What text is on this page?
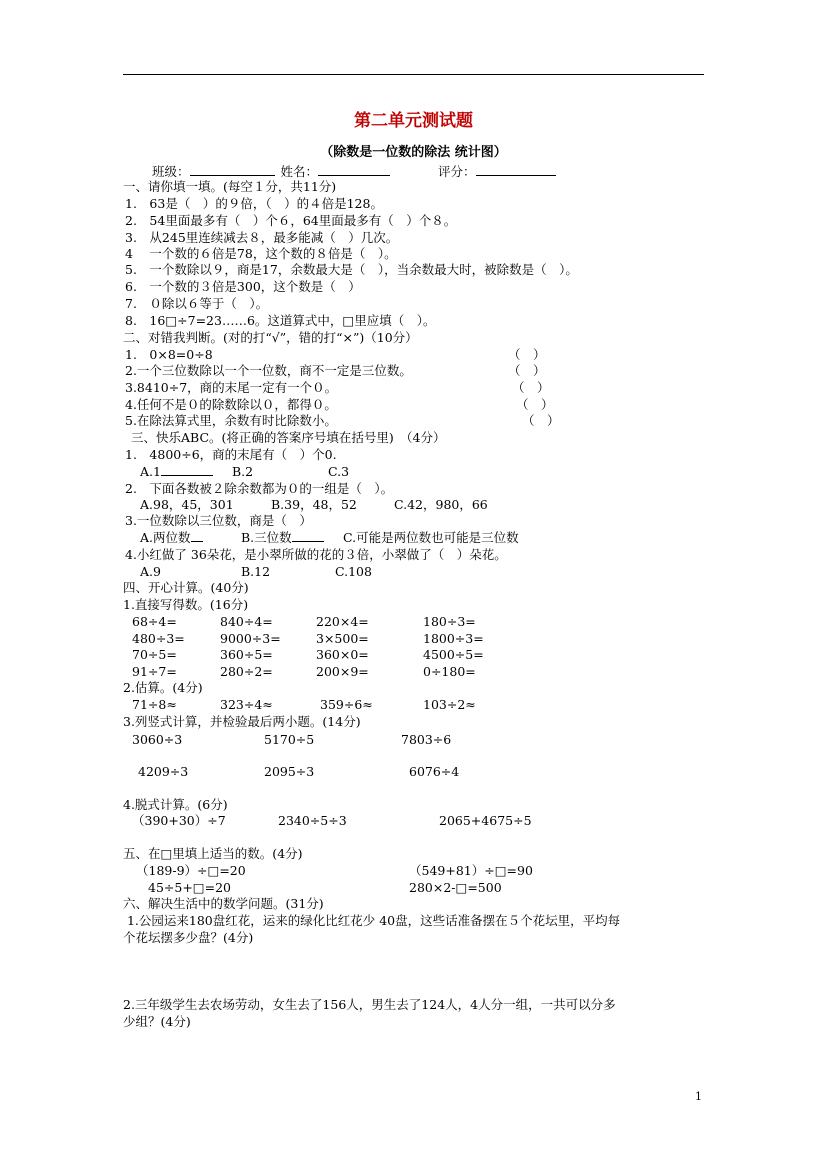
第二单元测试题
（除数是一位数的除法 统计图）
班级：	姓名：	评分：
一、请你填一填。(每空１分，共11分)
1.　63是（　）的９倍，（　）的４倍是128。
2.　54里面最多有（　）个６，64里面最多有（　）个８。
3.　从245里连续减去８，最多能减（　）几次。
4　 一个数的６倍是78，这个数的８倍是（　）。
5.　一个数除以９，商是17，余数最大是（　），当余数最大时，被除数是（　）。
6.　一个数的３倍是300，这个数是（　）
7.　０除以６等于（　）。
8.　16□÷7=23……6。这道算式中，□里应填（　）。
二、对错我判断。(对的打“√”，错的打“×”)（10分）
1.　0×8=0÷8	（　）
2.一个三位数除以一个一位数，商不一定是三位数。	（　）
3.8410÷7，商的末尾一定有一个０。	（　）
4.任何不是０的除数除以０，都得０。	（　）
5.在除法算式里，余数有时比除数小。	（　）
三、快乐ABC。(将正确的答案序号填在括号里)　（4分）
1.　4800÷6，商的末尾有（　）个0.
A.1	B.2	C.3
2.　下面各数被２除余数都为０的一组是（　）。
A.98，45，301	B.39，48，52	C.42，980，66
3.一位数除以三位数，商是（　）
A.两位数	B.三位数	C.可能是两位数也可能是三位数
4.小红做了 36朵花，是小翠所做的花的３倍，小翠做了（　）朵花。
A.9	B.12	C.108
四、开心计算。(40分)
1.直接写得数。(16分)
68÷4=	840÷4=	220×4=	180÷3=
480÷3=	9000÷3=	3×500=	1800÷3=
70÷5=	360÷5=	360×0=	4500÷5=
91÷7=	280÷2=	200×9=	0÷180=
2.估算。(4分)
71÷8≈	323÷4≈	359÷6≈	103÷2≈
3.列竖式计算，并检验最后两小题。(14分)
3060÷3	5170÷5	7803÷6
4209÷3	2095÷3	6076÷4
4.脱式计算。(6分)
（390+30）÷7	2340÷5÷3	2065+4675÷5
五、在□里填上适当的数。(4分)
（189-9）÷□=20	（549+81）÷□=90
45÷5+□=20	280×2-□=500
六、解决生活中的数学问题。(31分)
1.公园运来180盘红花，运来的绿化比红花少 40盘，这些话准备摆在５个花坛里，平均每
个花坛摆多少盘？(4分)
2.三年级学生去农场劳动，女生去了156人，男生去了124人，4人分一组，一共可以分多
少组？(4分)
1
